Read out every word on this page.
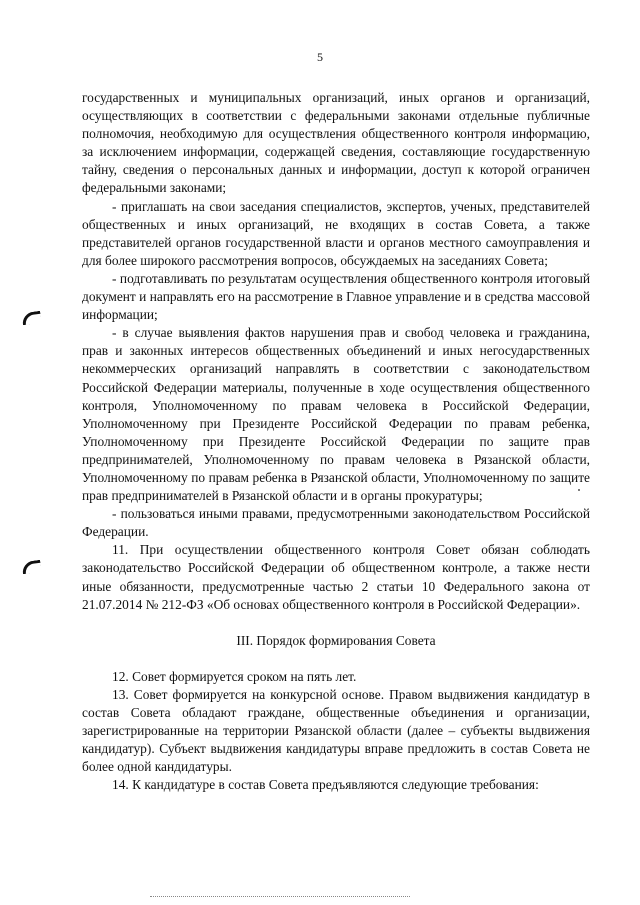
5

государственных и муниципальных организаций, иных органов и организаций, осуществляющих в соответствии с федеральными законами отдельные публичные полномочия, необходимую для осуществления общественного контроля информацию, за исключением информации, содержащей сведения, составляющие государственную тайну, сведения о персональных данных и информации, доступ к которой ограничен федеральными законами;

- приглашать на свои заседания специалистов, экспертов, ученых, представителей общественных и иных организаций, не входящих в состав Совета, а также представителей органов государственной власти и органов местного самоуправления и для более широкого рассмотрения вопросов, обсуждаемых на заседаниях Совета;

- подготавливать по результатам осуществления общественного контроля итоговый документ и направлять его на рассмотрение в Главное управление и в средства массовой информации;

- в случае выявления фактов нарушения прав и свобод человека и гражданина, прав и законных интересов общественных объединений и иных негосударственных некоммерческих организаций направлять в соответствии с законодательством Российской Федерации материалы, полученные в ходе осуществления общественного контроля, Уполномоченному по правам человека в Российской Федерации, Уполномоченному при Президенте Российской Федерации по правам ребенка, Уполномоченному при Президенте Российской Федерации по защите прав предпринимателей, Уполномоченному по правам человека в Рязанской области, Уполномоченному по правам ребенка в Рязанской области, Уполномоченному по защите прав предпринимателей в Рязанской области и в органы прокуратуры;

- пользоваться иными правами, предусмотренными законодательством Российской Федерации.

11. При осуществлении общественного контроля Совет обязан соблюдать законодательство Российской Федерации об общественном контроле, а также нести иные обязанности, предусмотренные частью 2 статьи 10 Федерального закона от 21.07.2014 № 212-ФЗ «Об основах общественного контроля в Российской Федерации».

III. Порядок формирования Совета

12. Совет формируется сроком на пять лет.

13. Совет формируется на конкурсной основе. Правом выдвижения кандидатур в состав Совета обладают граждане, общественные объединения и организации, зарегистрированные на территории Рязанской области (далее – субъекты выдвижения кандидатур). Субъект выдвижения кандидатуры вправе предложить в состав Совета не более одной кандидатуры.

14. К кандидатуре в состав Совета предъявляются следующие требования:
